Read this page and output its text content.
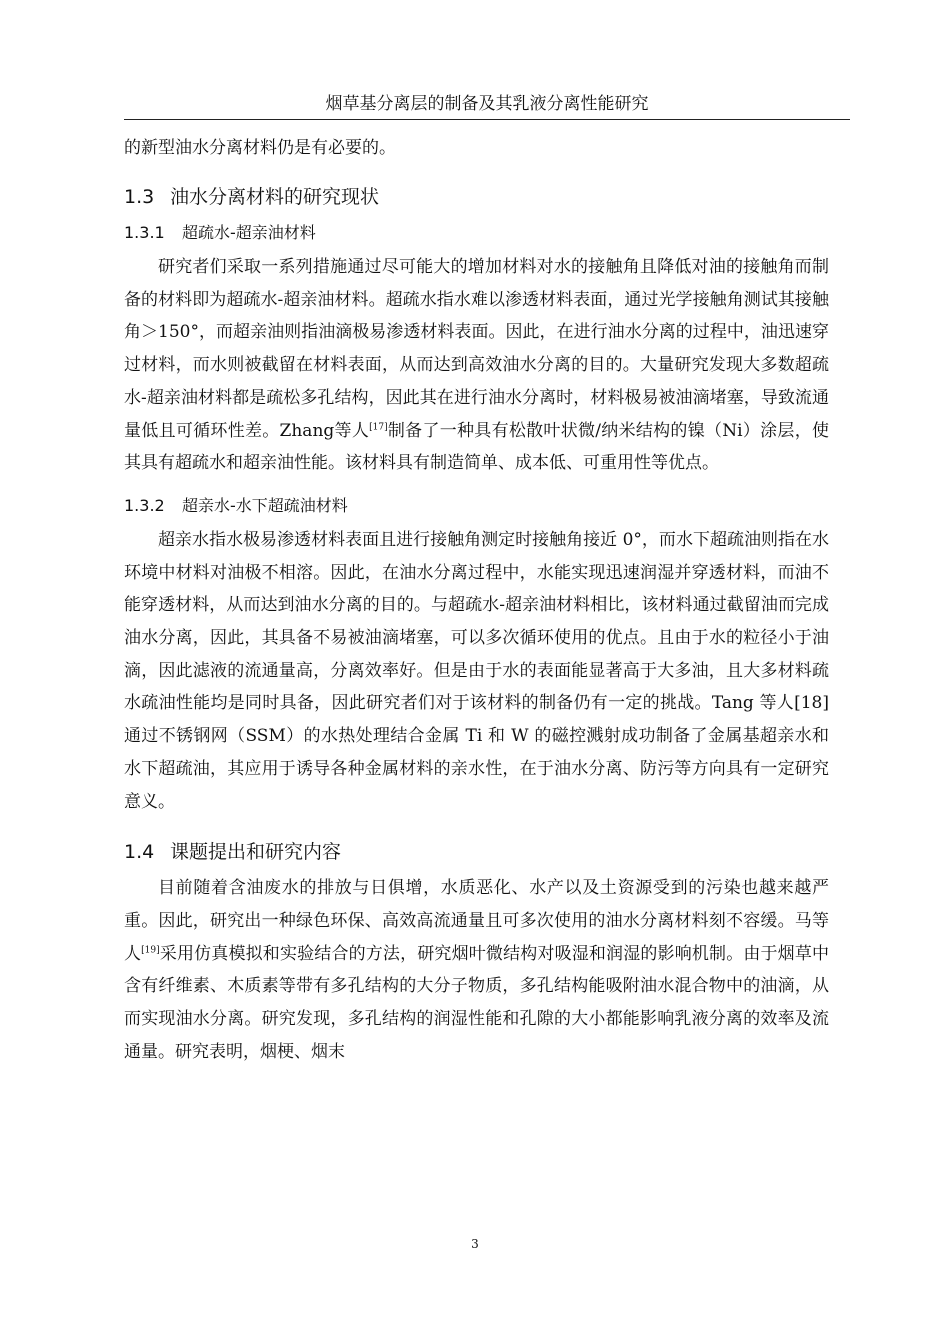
烟草基分离层的制备及其乳液分离性能研究

的新型油水分离材料仍是有必要的。

1.3 油水分离材料的研究现状
1.3.1 超疏水-超亲油材料

研究者们采取一系列措施通过尽可能大的增加材料对水的接触角且降低对油的接触角而制备的材料即为超疏水-超亲油材料。超疏水指水难以渗透材料表面，通过光学接触角测试其接触角＞150°，而超亲油则指油滴极易渗透材料表面。因此，在进行油水分离的过程中，油迅速穿过材料，而水则被截留在材料表面，从而达到高效油水分离的目的。大量研究发现大多数超疏水-超亲油材料都是疏松多孔结构，因此其在进行油水分离时，材料极易被油滴堵塞，导致流通量低且可循环性差。Zhang等人[17]制备了一种具有松散叶状微/纳米结构的镍（Ni）涂层，使其具有超疏水和超亲油性能。该材料具有制造简单、成本低、可重用性等优点。

1.3.2 超亲水-水下超疏油材料

超亲水指水极易渗透材料表面且进行接触角测定时接触角接近 0°，而水下超疏油则指在水环境中材料对油极不相溶。因此，在油水分离过程中，水能实现迅速润湿并穿透材料，而油不能穿透材料，从而达到油水分离的目的。与超疏水-超亲油材料相比，该材料通过截留油而完成油水分离，因此，其具备不易被油滴堵塞，可以多次循环使用的优点。且由于水的粒径小于油滴，因此滤液的流通量高，分离效率好。但是由于水的表面能显著高于大多油，且大多材料疏水疏油性能均是同时具备，因此研究者们对于该材料的制备仍有一定的挑战。Tang 等人[18]通过不锈钢网（SSM）的水热处理结合金属 Ti 和 W 的磁控溅射成功制备了金属基超亲水和水下超疏油，其应用于诱导各种金属材料的亲水性，在于油水分离、防污等方向具有一定研究意义。

1.4 课题提出和研究内容

目前随着含油废水的排放与日俱增，水质恶化、水产以及土资源受到的污染也越来越严重。因此，研究出一种绿色环保、高效高流通量且可多次使用的油水分离材料刻不容缓。马等人[19]采用仿真模拟和实验结合的方法，研究烟叶微结构对吸湿和润湿的影响机制。由于烟草中含有纤维素、木质素等带有多孔结构的大分子物质，多孔结构能吸附油水混合物中的油滴，从而实现油水分离。研究发现，多孔结构的润湿性能和孔隙的大小都能影响乳液分离的效率及流通量。研究表明，烟梗、烟末

3
